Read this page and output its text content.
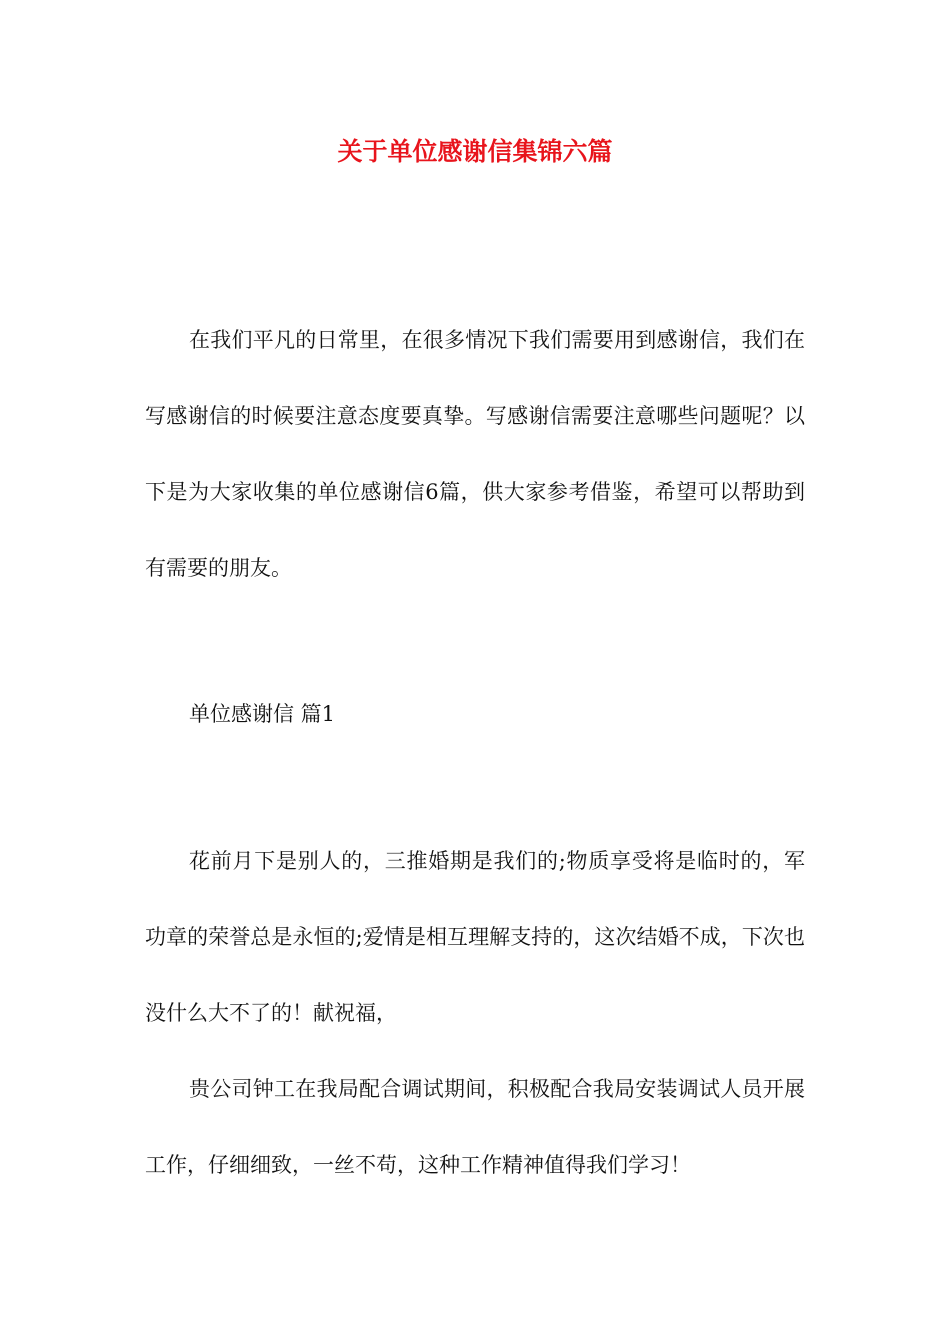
关于单位感谢信集锦六篇

在我们平凡的日常里，在很多情况下我们需要用到感谢信，我们在写感谢信的时候要注意态度要真挚。写感谢信需要注意哪些问题呢？以下是为大家收集的单位感谢信6篇，供大家参考借鉴，希望可以帮助到有需要的朋友。

单位感谢信 篇1

花前月下是别人的，三推婚期是我们的;物质享受将是临时的，军功章的荣誉总是永恒的;爱情是相互理解支持的，这次结婚不成，下次也没什么大不了的！献祝福，

贵公司钟工在我局配合调试期间，积极配合我局安装调试人员开展工作，仔细细致，一丝不苟，这种工作精神值得我们学习！
